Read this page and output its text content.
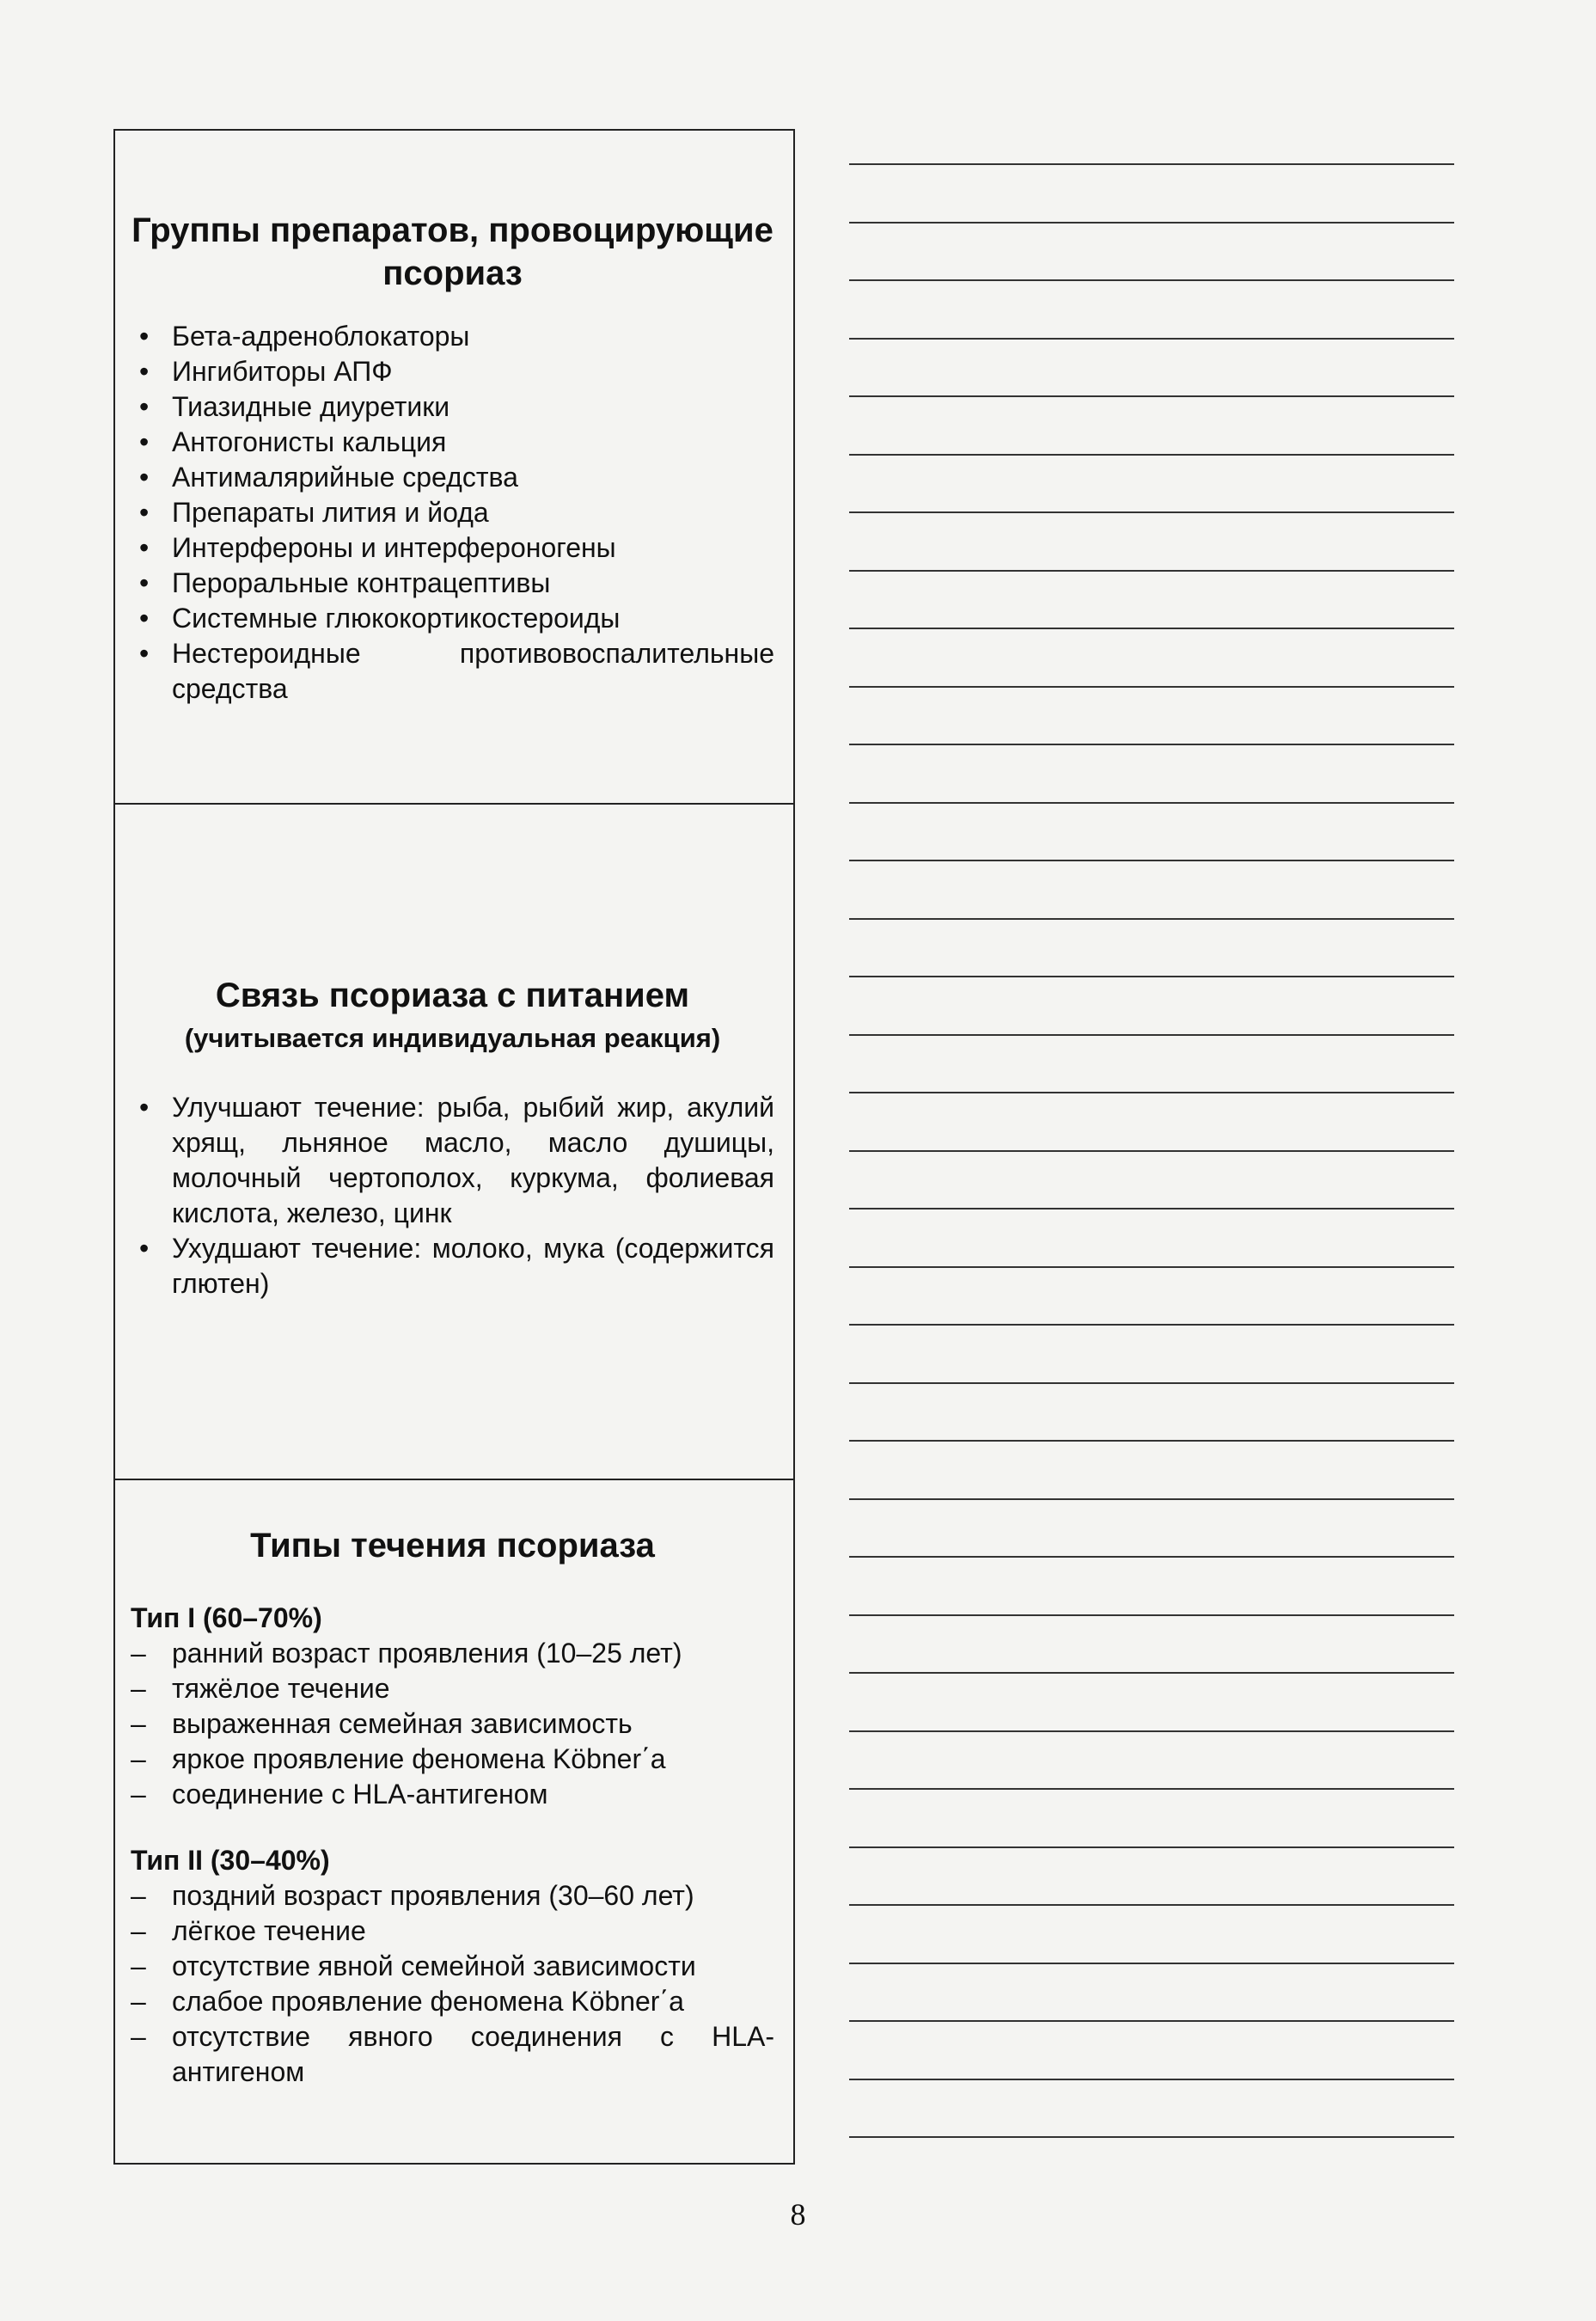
Группы препаратов, провоцирующие псориаз
• Бета-адреноблокаторы
• Ингибиторы АПФ
• Тиазидные диуретики
• Антогонисты кальция
• Антималярийные средства
• Препараты лития и йода
• Интерфероны и интерфероногены
• Пероральные контрацептивы
• Системные глюкокортикостероиды
• Нестероидные противовоспалительные средства
Связь псориаза с питанием
(учитывается индивидуальная реакция)
• Улучшают течение: рыба, рыбий жир, акулий хрящ, льняное масло, масло душицы, молочный чертополох, куркума, фолиевая кислота, железо, цинк
• Ухудшают течение: молоко, мука (содержится глютен)
Типы течения псориаза
Тип I (60–70%)
– ранний возраст проявления (10–25 лет)
– тяжёлое течение
– выраженная семейная зависимость
– яркое проявление феномена Köbner΄a
– соединение с HLA-антигеном
Тип II (30–40%)
– поздний возраст проявления (30–60 лет)
– лёгкое течение
– отсутствие явной семейной зависимости
– слабое проявление феномена Köbner΄a
– отсутствие явного соединения с HLA-антигеном
8
